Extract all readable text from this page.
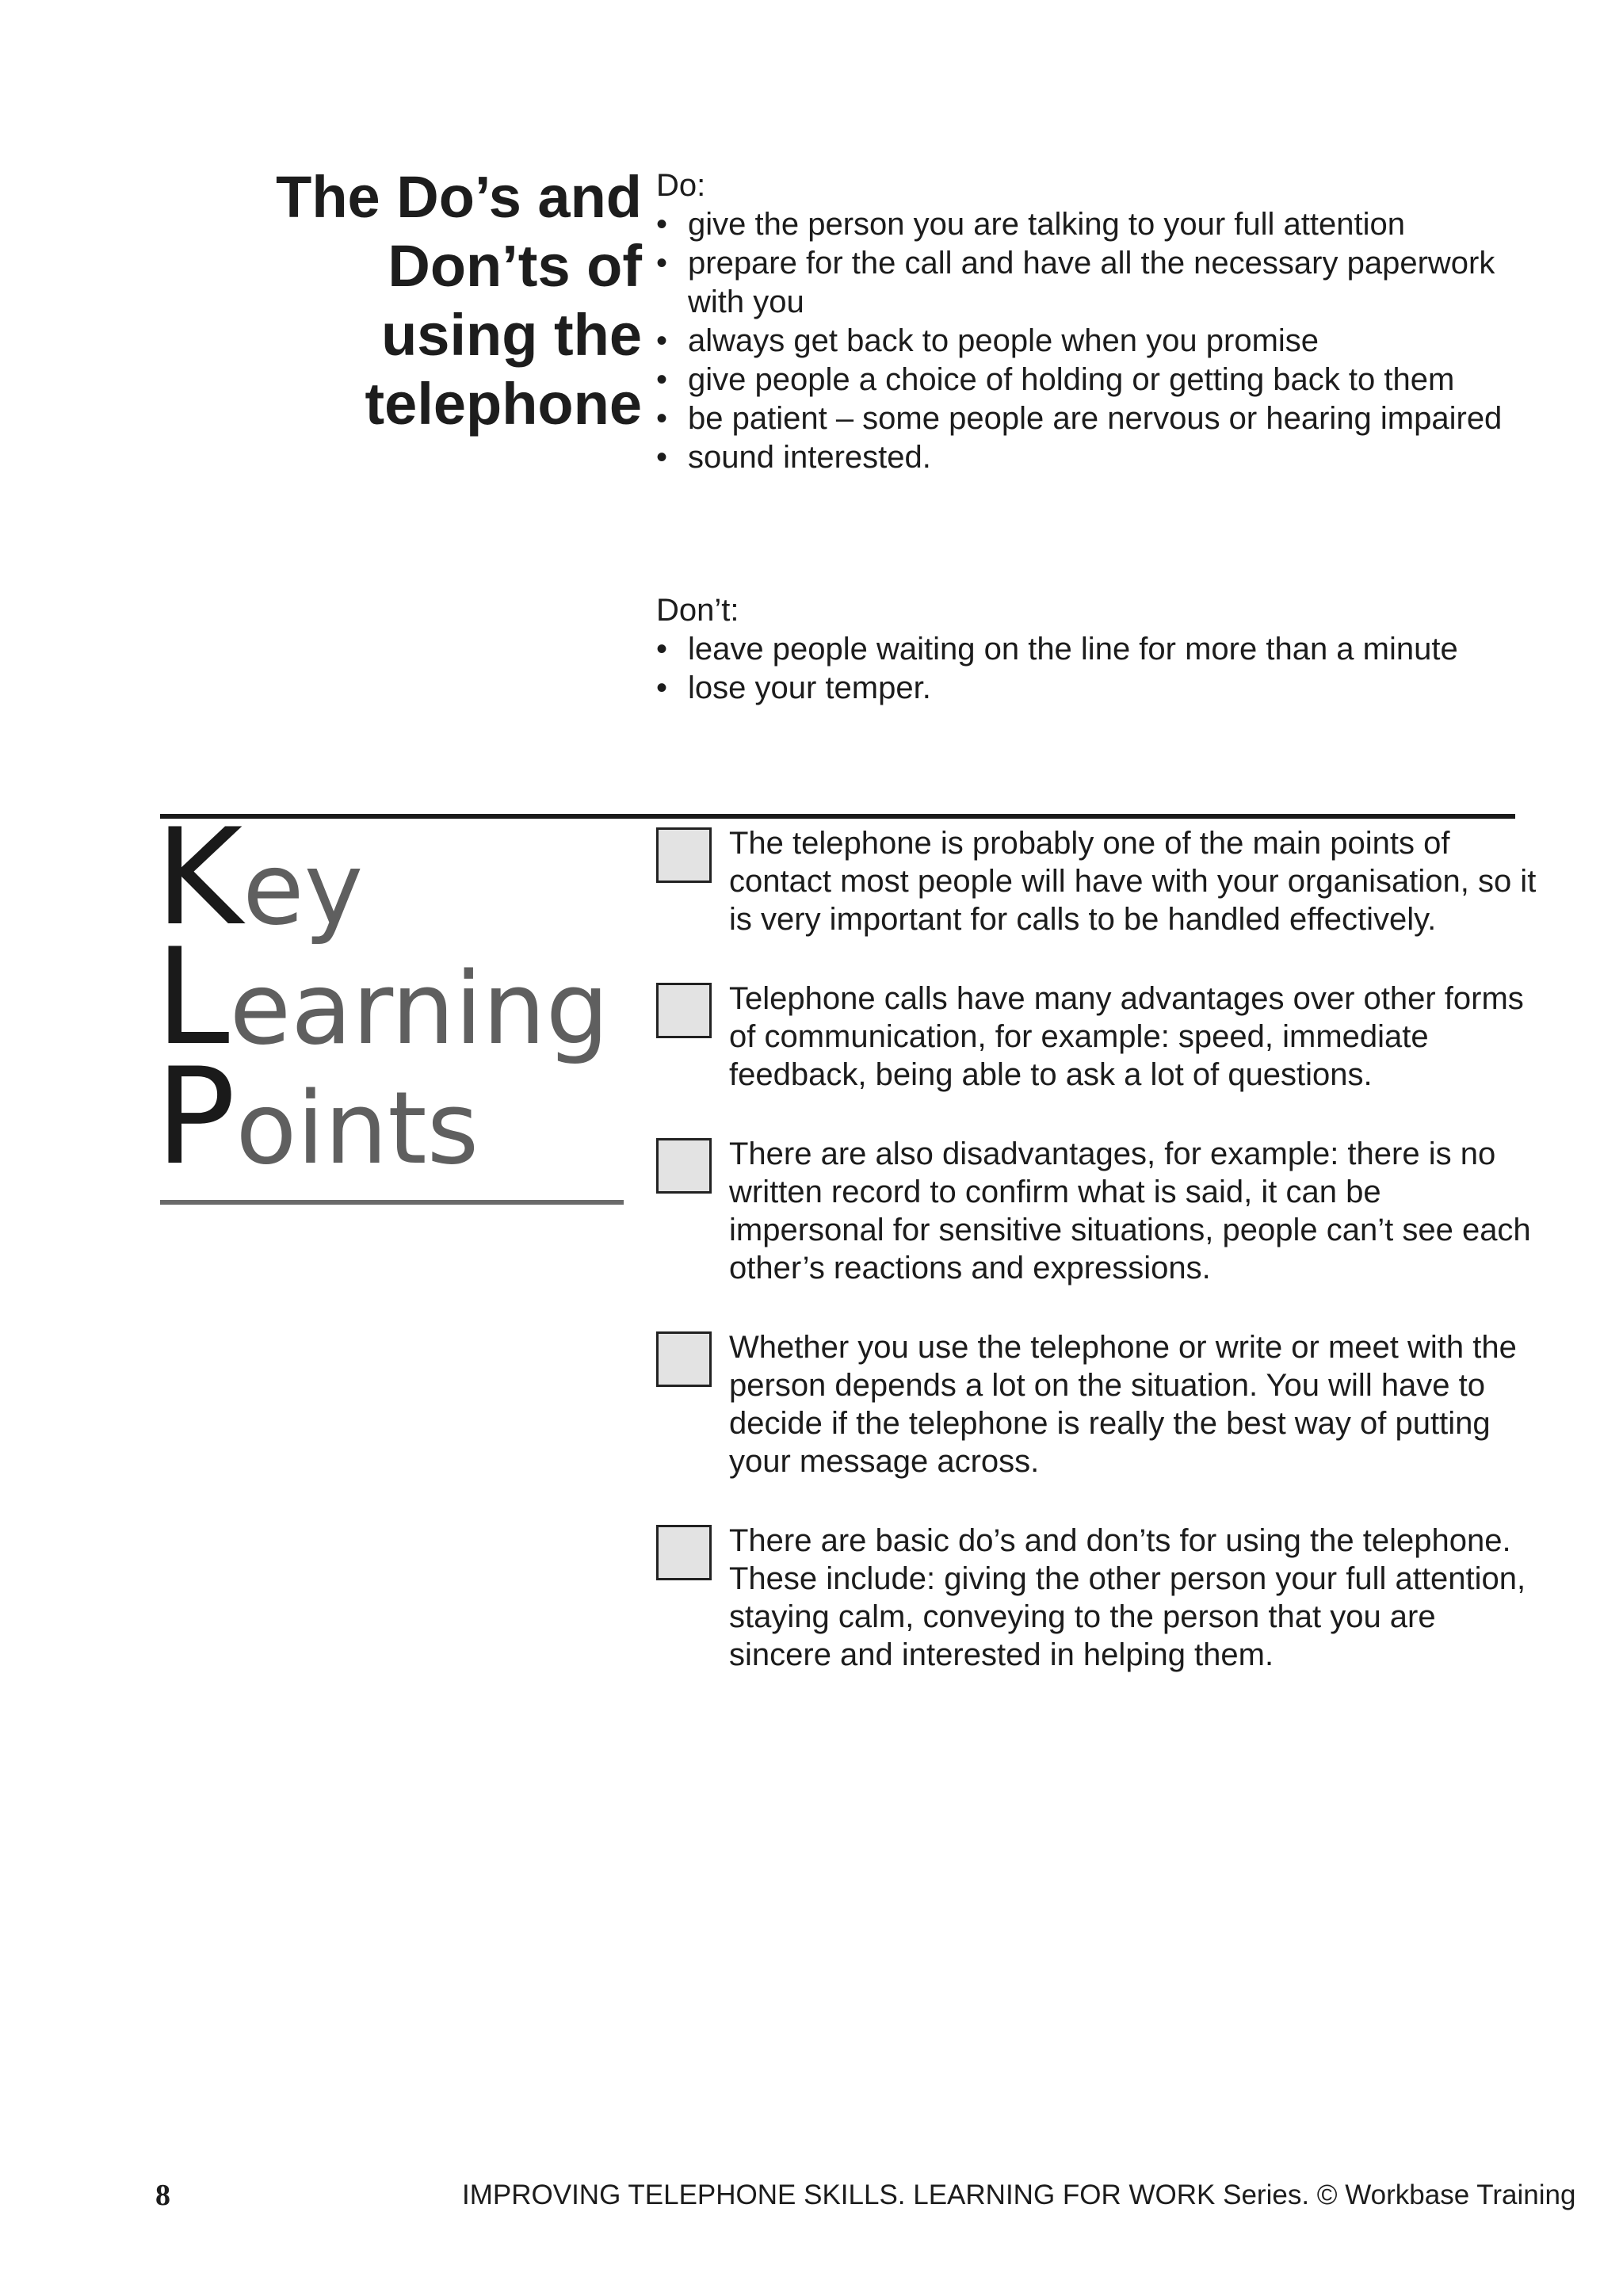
The Do’s and
Don’ts of
using the
telephone
Do:
• give the person you are talking to your full attention
• prepare for the call and have all the necessary paperwork with you
• always get back to people when you promise
• give people a choice of holding or getting back to them
• be patient – some people are nervous or hearing impaired
• sound interested.
Don’t:
• leave people waiting on the line for more than a minute
• lose your temper.
Key
Learning
Points
The telephone is probably one of the main points of contact most people will have with your organisation, so it is very important for calls to be handled effectively.
Telephone calls have many advantages over other forms of communication, for example: speed, immediate feedback, being able to ask a lot of questions.
There are also disadvantages, for example: there is no written record to confirm what is said, it can be impersonal for sensitive situations, people can’t see each other’s reactions and expressions.
Whether you use the telephone or write or meet with the person depends a lot on the situation. You will have to decide if the telephone is really the best way of putting your message across.
There are basic do’s and don’ts for using the telephone. These include: giving the other person your full attention, staying calm, conveying to the person that you are sincere and interested in helping them.
8	IMPROVING TELEPHONE SKILLS. LEARNING FOR WORK Series. © Workbase Training
